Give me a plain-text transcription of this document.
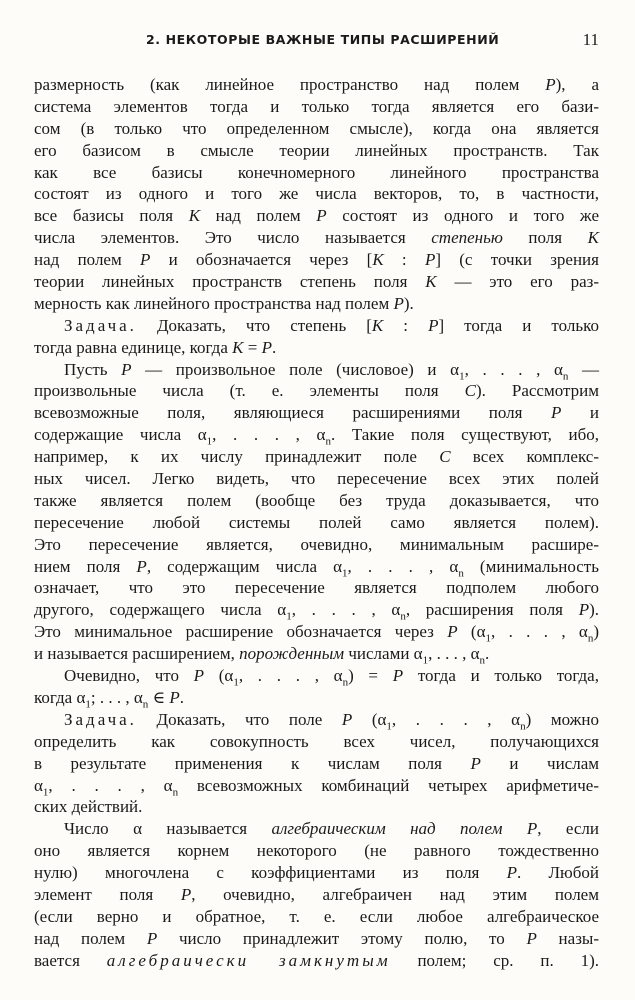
2. НЕКОТОРЫЕ ВАЖНЫЕ ТИПЫ РАСШИРЕНИЙ	11
размерность (как линейное пространство над полем P), а
система элементов тогда и только тогда является его бази-
сом (в только что определенном смысле), когда она является
его базисом в смысле теории линейных пространств. Так
как все базисы конечномерного линейного пространства
состоят из одного и того же числа векторов, то, в частности,
все базисы поля K над полем P состоят из одного и того же
числа элементов. Это число называется степенью поля K
над полем P и обозначается через [K : P] (с точки зрения
теории линейных пространств степень поля K — это его раз-
мерность как линейного пространства над полем P).
Задача. Доказать, что степень [K : P] тогда и только
тогда равна единице, когда K = P.
Пусть P — произвольное поле (числовое) и $\alpha_1$, . . . , $\alpha_n$ —
произвольные числа (т. е. элементы поля C). Рассмотрим
всевозможные поля, являющиеся расширениями поля P и
содержащие числа $\alpha_1$, . . . , $\alpha_n$. Такие поля существуют, ибо,
например, к их числу принадлежит поле C всех комплекс-
ных чисел. Легко видеть, что пересечение всех этих полей
также является полем (вообще без труда доказывается, что
пересечение любой системы полей само является полем).
Это пересечение является, очевидно, минимальным расшире-
нием поля P, содержащим числа $\alpha_1$, . . . , $\alpha_n$ (минимальность
означает, что это пересечение является подполем любого
другого, содержащего числа $\alpha_1$, . . . , $\alpha_n$, расширения поля P).
Это минимальное расширение обозначается через P ($\alpha_1$, . . . , $\alpha_n$)
и называется расширением, порожденным числами $\alpha_1$, . . . , $\alpha_n$.
Очевидно, что P ($\alpha_1$, . . . , $\alpha_n) = P$ тогда и только тогда,
когда $\alpha_1$; . . . , $\alpha_n$ ∈ P.
Задача. Доказать, что поле P ($\alpha_1$, . . . , $\alpha_n$) можно
определить как совокупность всех чисел, получающихся
в результате применения к числам поля P и числам
$\alpha_1$, . . . , $\alpha_n$ всевозможных комбинаций четырех арифметиче-
ских действий.
Число α называется алгебраическим над полем P, если
оно является корнем некоторого (не равного тождественно
нулю) многочлена с коэффициентами из поля P. Любой
элемент поля P, очевидно, алгебраичен над этим полем
(если верно и обратное, т. е. если любое алгебраическое
над полем P число принадлежит этому полю, то P назы-
вается алгебраически замкнутым полем; ср. п. 1).
